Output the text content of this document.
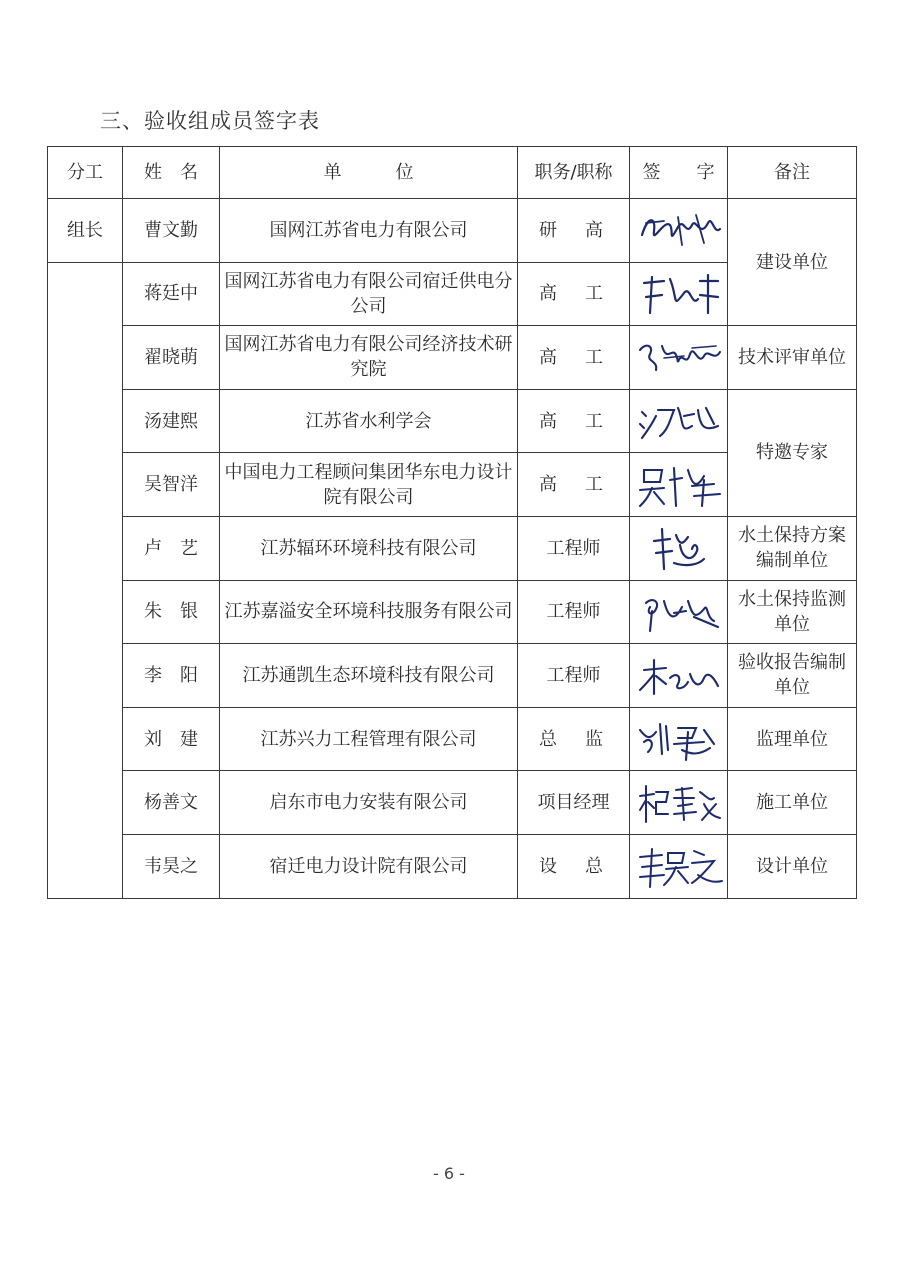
三、验收组成员签字表
分工	姓　名	单　　　位	职务/职称	签　　字	备注
组长	曹文勤	国网江苏省电力有限公司	研　高		建设单位
	蒋廷中	国网江苏省电力有限公司宿迁供电分公司	高　工	

	翟晓萌	国网江苏省电力有限公司经济技术研究院	高　工		技术评审单位
	汤建熙	江苏省水利学会	高　工		特邀专家
	吴智洋	中国电力工程顾问集团华东电力设计院有限公司	高　工	

	卢　艺	江苏辐环环境科技有限公司	工程师		水土保持方案编制单位
	朱　银	江苏嘉溢安全环境科技服务有限公司	工程师		水土保持监测单位
	李　阳	江苏通凯生态环境科技有限公司	工程师		验收报告编制单位
	刘　建	江苏兴力工程管理有限公司	总　监		监理单位
	杨善文	启东市电力安装有限公司	项目经理		施工单位
	韦昊之	宿迁电力设计院有限公司	设　总		设计单位
- 6 -
